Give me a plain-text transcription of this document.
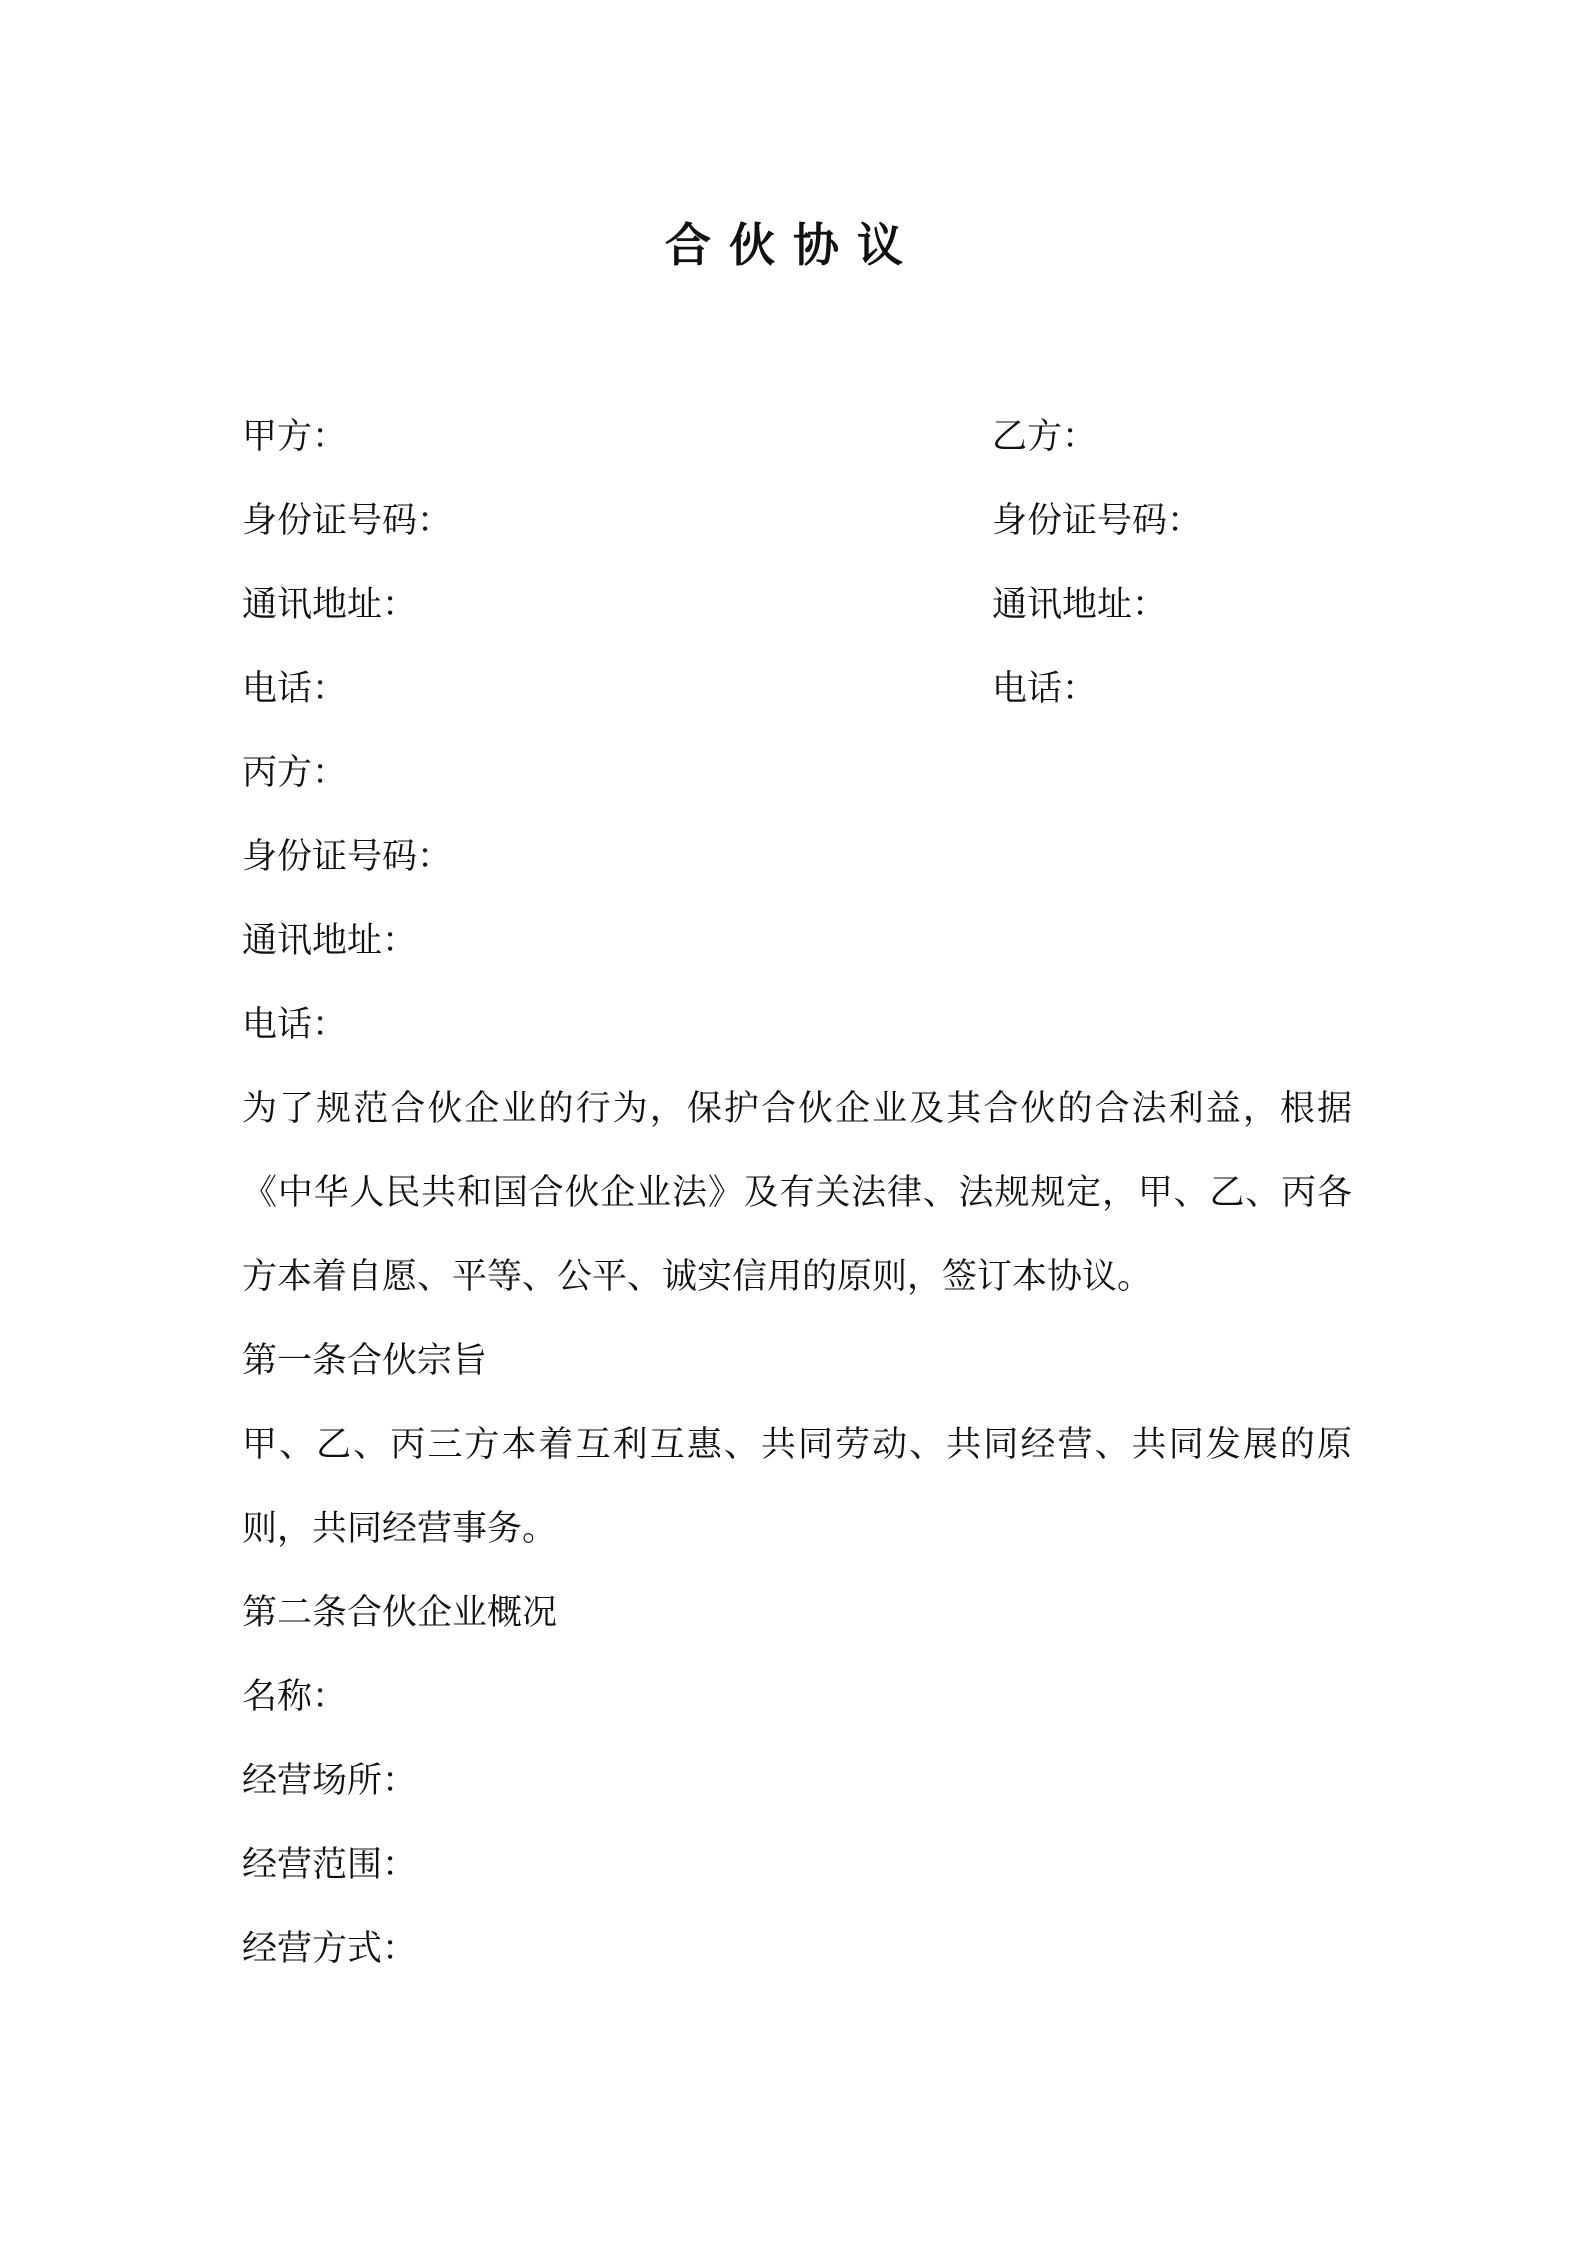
合伙协议
甲方：
身份证号码：
通讯地址：
电话：
乙方：
身份证号码：
通讯地址：
电话：
丙方：
身份证号码：
通讯地址：
电话：
为了规范合伙企业的行为，保护合伙企业及其合伙的合法利益，根据《中华人民共和国合伙企业法》及有关法律、法规规定，甲、乙、丙各方本着自愿、平等、公平、诚实信用的原则，签订本协议。
第一条合伙宗旨
甲、乙、丙三方本着互利互惠、共同劳动、共同经营、共同发展的原则，共同经营事务。
第二条合伙企业概况
名称：
经营场所：
经营范围：
经营方式：
